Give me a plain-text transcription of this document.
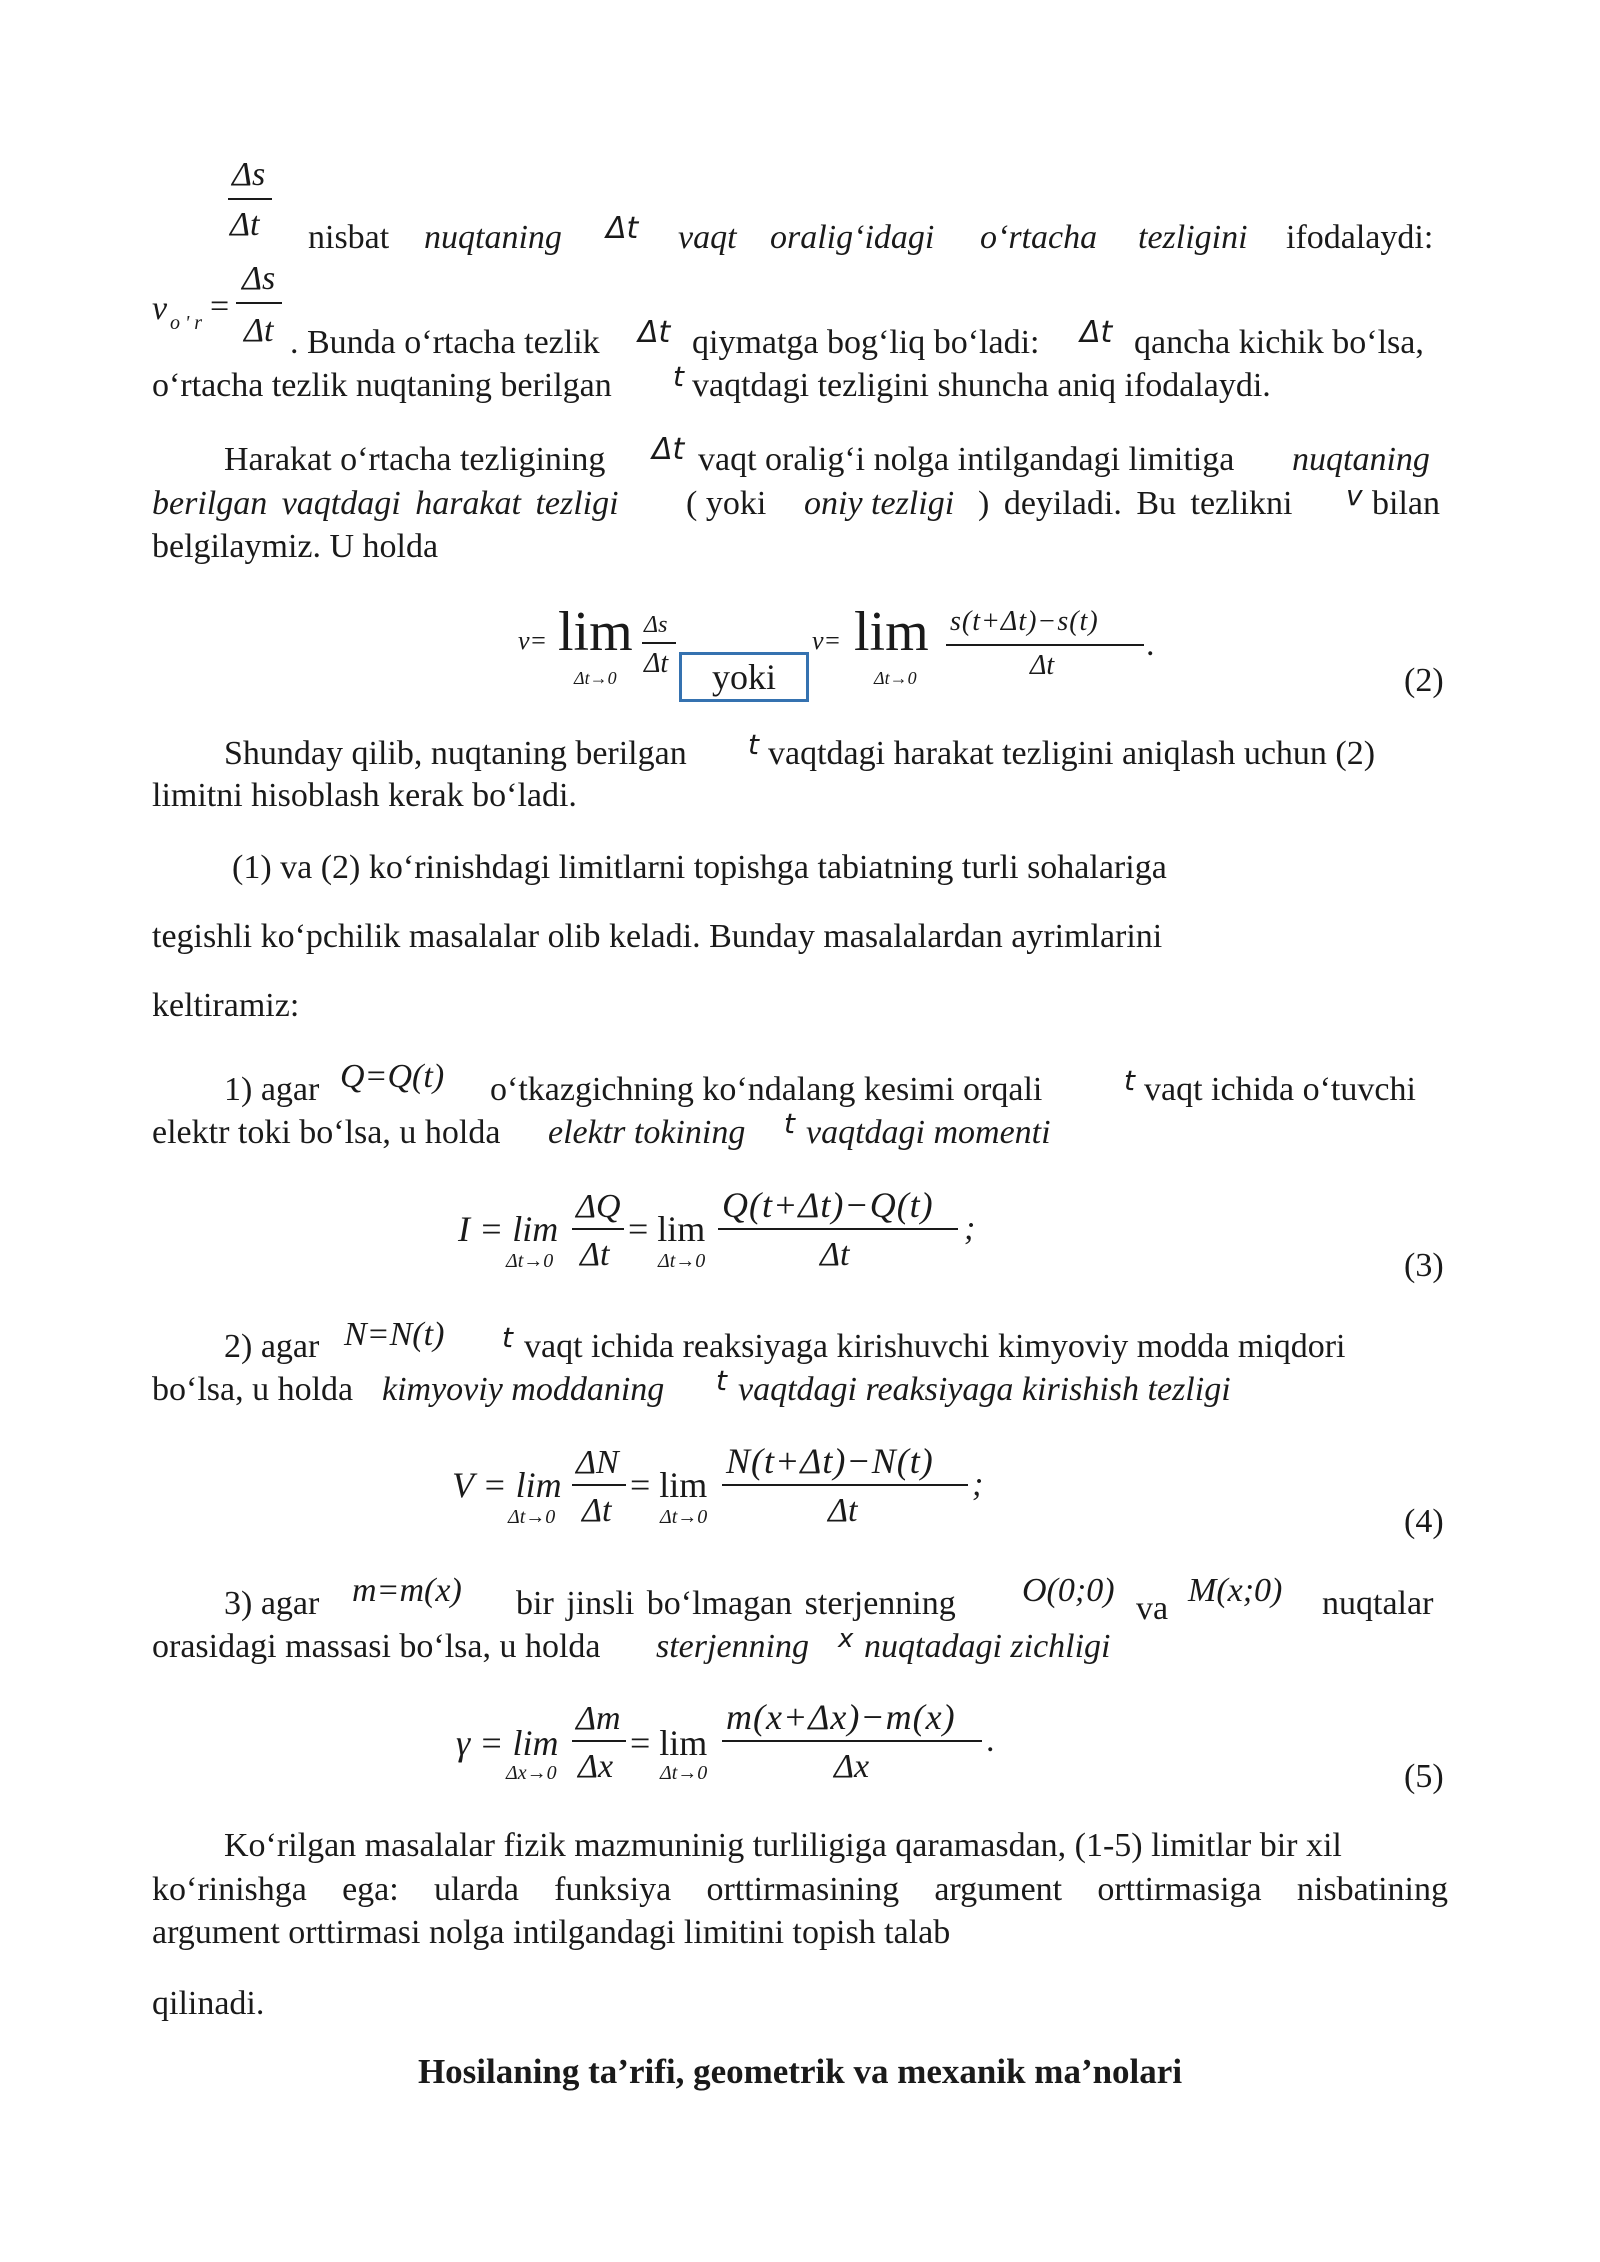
Δs
Δt nisbat nuqtaning Δt vaqt oralig‘idagi o‘rtacha tezligini ifodalaydi:
v o ' r =
Δs
Δt . Bunda o‘rtacha tezlik Δt qiymatga bog‘liq bo‘ladi: Δt qancha kichik bo‘lsa,
o‘rtacha tezlik nuqtaning berilgan t vaqtdagi tezligini shuncha aniq ifodalaydi.
Harakat o‘rtacha tezligining Δt vaqt oralig‘i nolga intilgandagi limitiga nuqtaning
berilgan vaqtdagi harakat tezligi ( yoki oniy tezligi ) deyiladi. Bu tezlikni v bilan
belgilaymiz. U holda
v= lim
Δt→0
Δs
Δt	yoki
v= lim
Δt→0
s(t+Δt)−s(t)
Δt
.
(2)
Shunday qilib, nuqtaning berilgan t vaqtdagi harakat tezligini aniqlash uchun (2)
limitni hisoblash kerak bo‘ladi.
(1) va (2) ko‘rinishdagi limitlarni topishga tabiatning turli sohalariga
tegishli ko‘pchilik masalalar olib keladi. Bunday masalalardan ayrimlarini
keltiramiz:
1) agar Q=Q(t) o‘tkazgichning ko‘ndalang kesimi orqali	t vaqt ichida o‘tuvchi
elektr toki bo‘lsa, u holda elektr tokining t vaqtdagi momenti
I = lim
Δt→0
ΔQ
Δt
= lim
Δt→0
Q(t+Δt)−Q(t)
Δt
;
(3)
2) agar N=N(t) t vaqt ichida reaksiyaga kirishuvchi kimyoviy modda miqdori
bo‘lsa, u holda kimyoviy moddaning t vaqtdagi reaksiyaga kirishish tezligi
V = lim
Δt→0
ΔN
Δt
= lim
Δt→0
N(t+Δt)−N(t)
Δt
;
(4)
3) agar m=m(x) bir jinsli bo‘lmagan sterjenning O(0;0) va M(x;0) nuqtalar
orasidagi massasi bo‘lsa, u holda sterjenning x nuqtadagi zichligi
γ = lim
Δx→0
Δm
Δx
= lim
Δt→0
m(x+Δx)−m(x)
Δx
.
(5)
Ko‘rilgan masalalar fizik mazmuninig turliligiga qaramasdan, (1-5) limitlar bir xil
ko‘rinishga ega: ularda funksiya orttirmasining argument orttirmasiga nisbatining
argument orttirmasi nolga intilgandagi limitini topish talab
qilinadi.
Hosilaning ta’rifi, geometrik va mexanik ma’nolari
